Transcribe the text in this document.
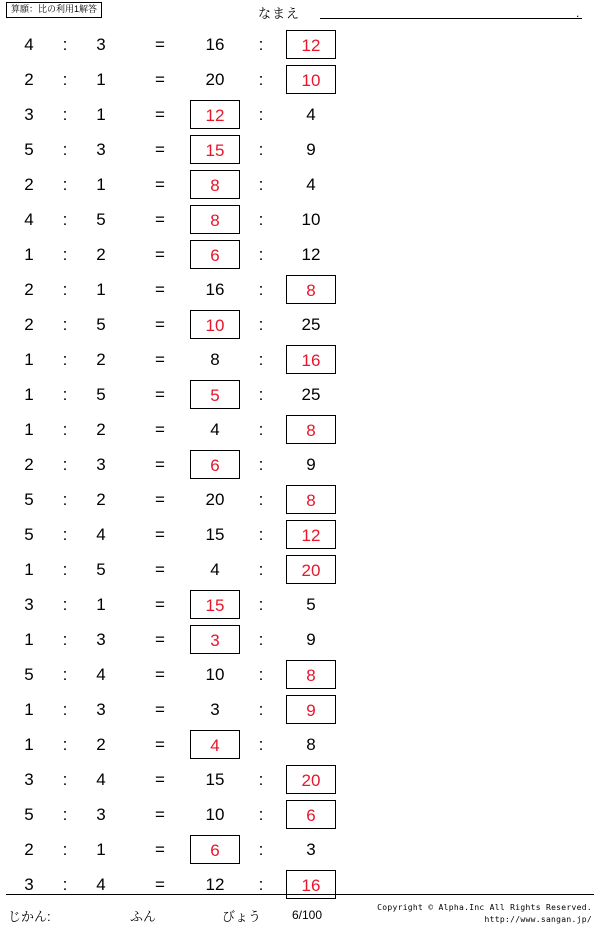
算願：比の利用1解答	なまえ	.
4	:	3	=	16	:	12
2	:	1	=	20	:	10
3	:	1	=	12	:	4
5	:	3	=	15	:	9
2	:	1	=	8	:	4
4	:	5	=	8	:	10
1	:	2	=	6	:	12
2	:	1	=	16	:	8
2	:	5	=	10	:	25
1	:	2	=	8	:	16
1	:	5	=	5	:	25
1	:	2	=	4	:	8
2	:	3	=	6	:	9
5	:	2	=	20	:	8
5	:	4	=	15	:	12
1	:	5	=	4	:	20
3	:	1	=	15	:	5
1	:	3	=	3	:	9
5	:	4	=	10	:	8
1	:	3	=	3	:	9
1	:	2	=	4	:	8
3	:	4	=	15	:	20
5	:	3	=	10	:	6
2	:	1	=	6	:	3
3	:	4	=	12	:	16
じかん:	ふん	びょう	6/100
Copyright © Alpha.Inc All Rights Reserved.
http://www.sangan.jp/
